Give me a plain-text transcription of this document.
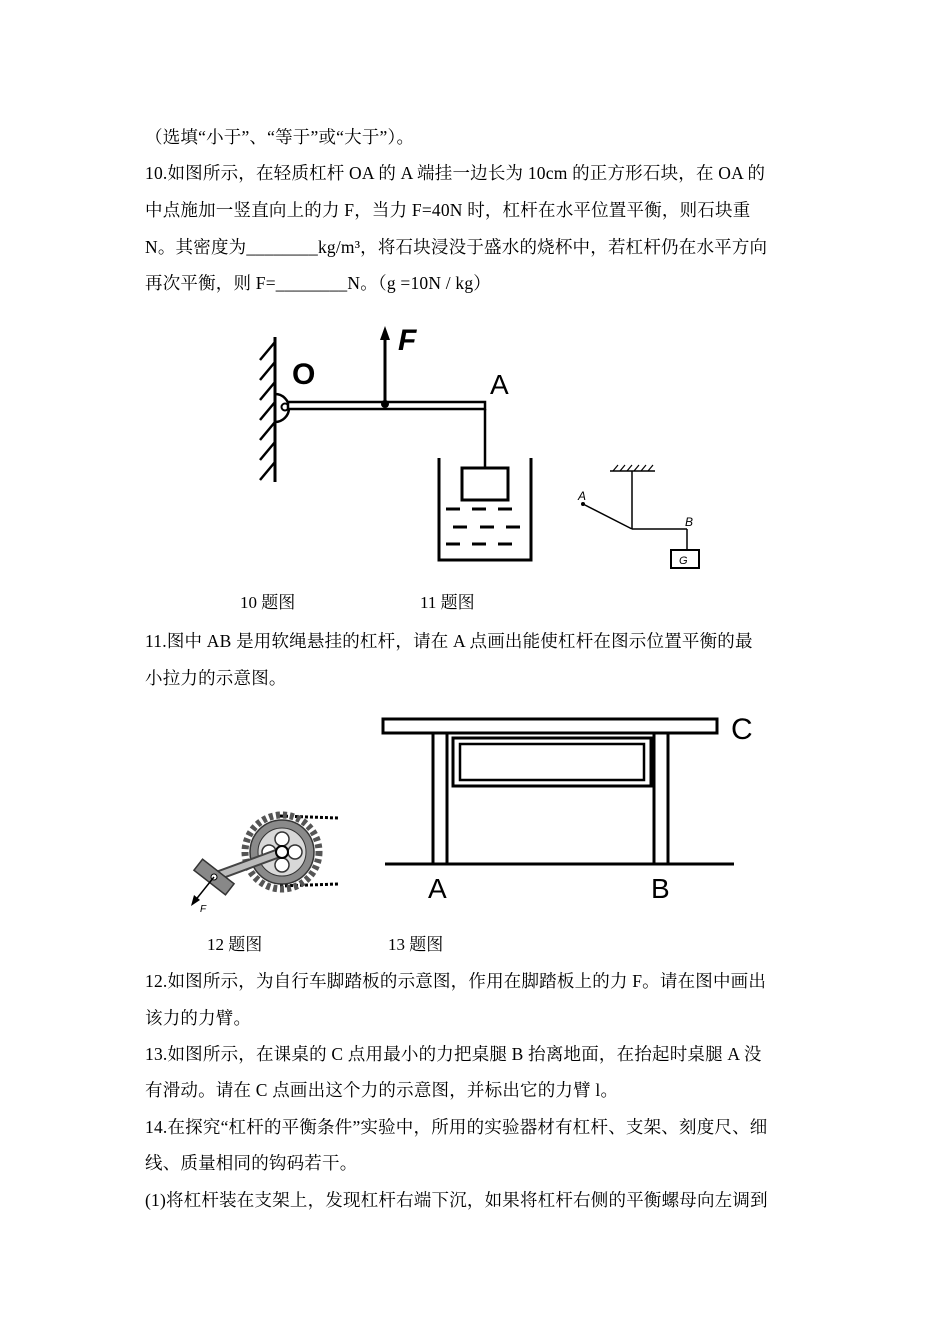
（选填“小于”、“等于”或“大于”）。
10.如图所示，在轻质杠杆 OA 的 A 端挂一边长为 10cm 的正方形石块，在 OA 的
中点施加一竖直向上的力 F，当力 F=40N 时，杠杆在水平位置平衡，则石块重
N。其密度为________kg/m³，将石块浸没于盛水的烧杯中，若杠杆仍在水平方向
再次平衡，则 F=________N。（g =10N / kg）
O
F
A
A
B
G
10 题图	11 题图
11.图中 AB 是用软绳悬挂的杠杆，请在 A 点画出能使杠杆在图示位置平衡的最
小拉力的示意图。
F
A	B
C
12 题图	13 题图
12.如图所示，为自行车脚踏板的示意图，作用在脚踏板上的力 F。请在图中画出
该力的力臂。
13.如图所示，在课桌的 C 点用最小的力把桌腿 B 抬离地面，在抬起时桌腿 A 没
有滑动。请在 C 点画出这个力的示意图，并标出它的力臂 l。
14.在探究“杠杆的平衡条件”实验中，所用的实验器材有杠杆、支架、刻度尺、细
线、质量相同的钩码若干。
(1)将杠杆装在支架上，发现杠杆右端下沉，如果将杠杆右侧的平衡螺母向左调到
